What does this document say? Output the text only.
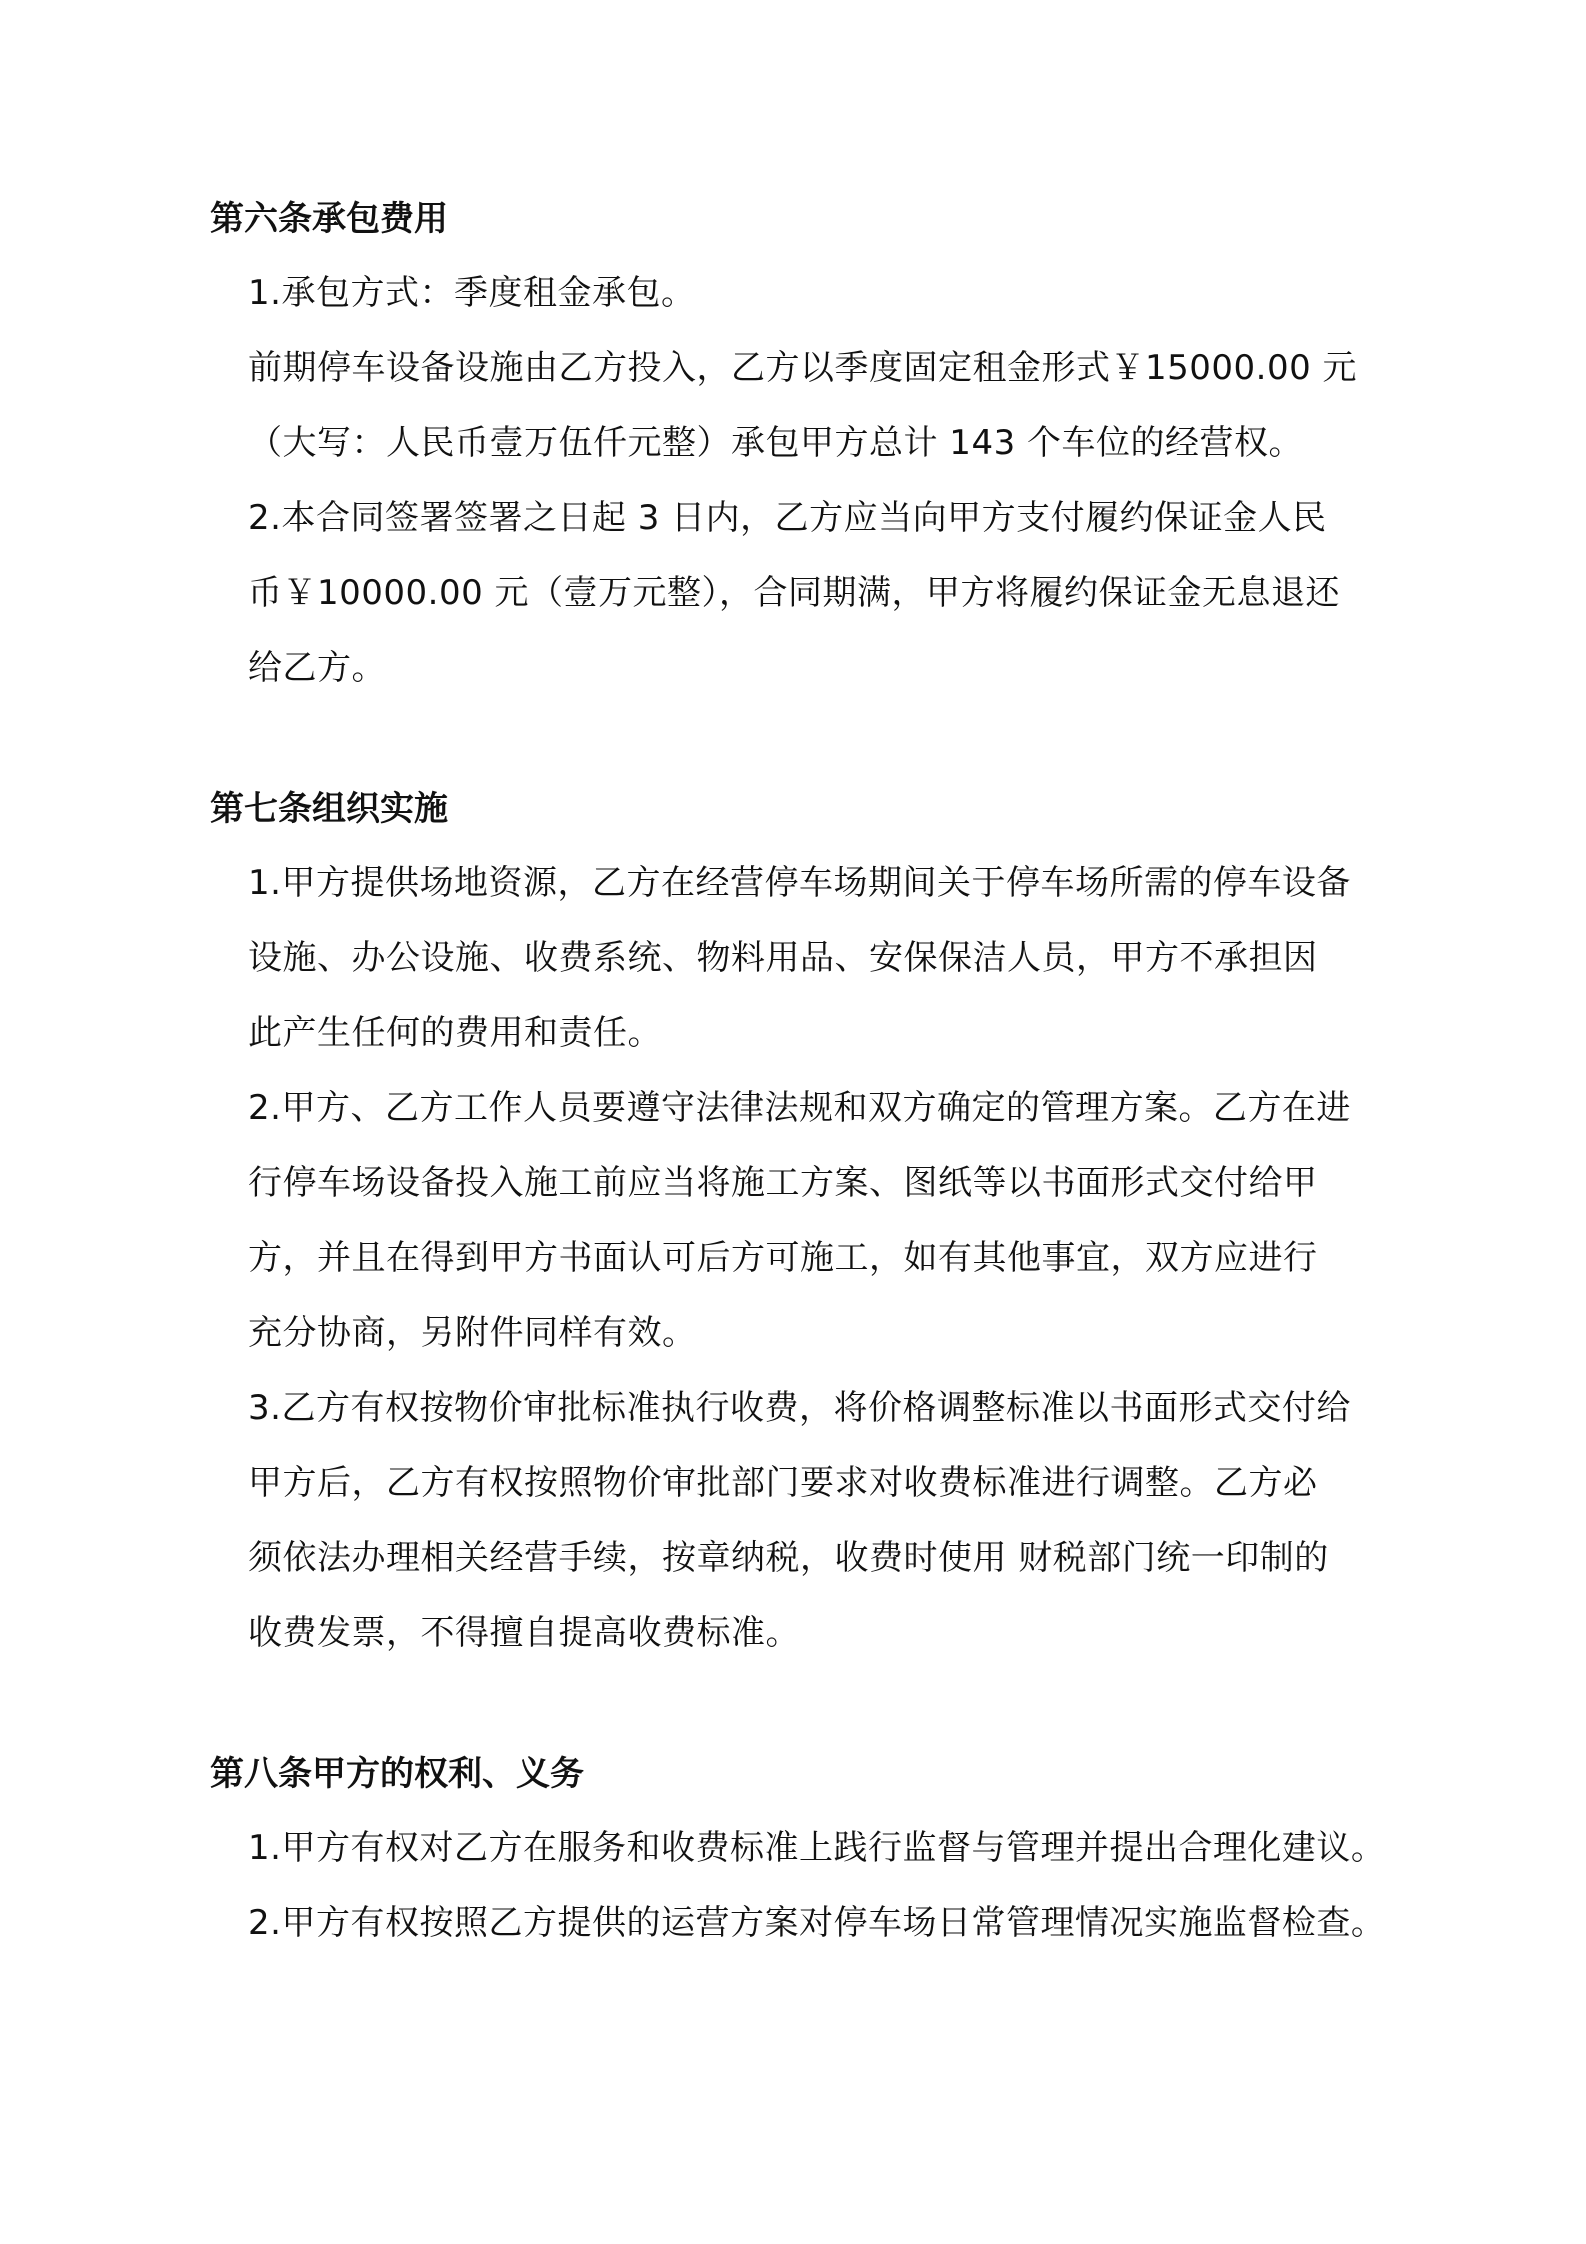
第六条承包费用
1.承包方式：季度租金承包。
前期停车设备设施由乙方投入，乙方以季度固定租金形式￥15000.00 元
（大写：人民币壹万伍仟元整）承包甲方总计 143 个车位的经营权。
2.本合同签署签署之日起 3 日内，乙方应当向甲方支付履约保证金人民
币￥10000.00 元（壹万元整），合同期满，甲方将履约保证金无息退还
给乙方。
第七条组织实施
1.甲方提供场地资源，乙方在经营停车场期间关于停车场所需的停车设备
设施、办公设施、收费系统、物料用品、安保保洁人员，甲方不承担因
此产生任何的费用和责任。
2.甲方、乙方工作人员要遵守法律法规和双方确定的管理方案。乙方在进
行停车场设备投入施工前应当将施工方案、图纸等以书面形式交付给甲
方，并且在得到甲方书面认可后方可施工，如有其他事宜，双方应进行
充分协商，另附件同样有效。
3.乙方有权按物价审批标准执行收费，将价格调整标准以书面形式交付给
甲方后，乙方有权按照物价审批部门要求对收费标准进行调整。乙方必
须依法办理相关经营手续，按章纳税，收费时使用 财税部门统一印制的
收费发票，不得擅自提高收费标准。
第八条甲方的权利、义务
1.甲方有权对乙方在服务和收费标准上践行监督与管理并提出合理化建议。
2.甲方有权按照乙方提供的运营方案对停车场日常管理情况实施监督检查。
